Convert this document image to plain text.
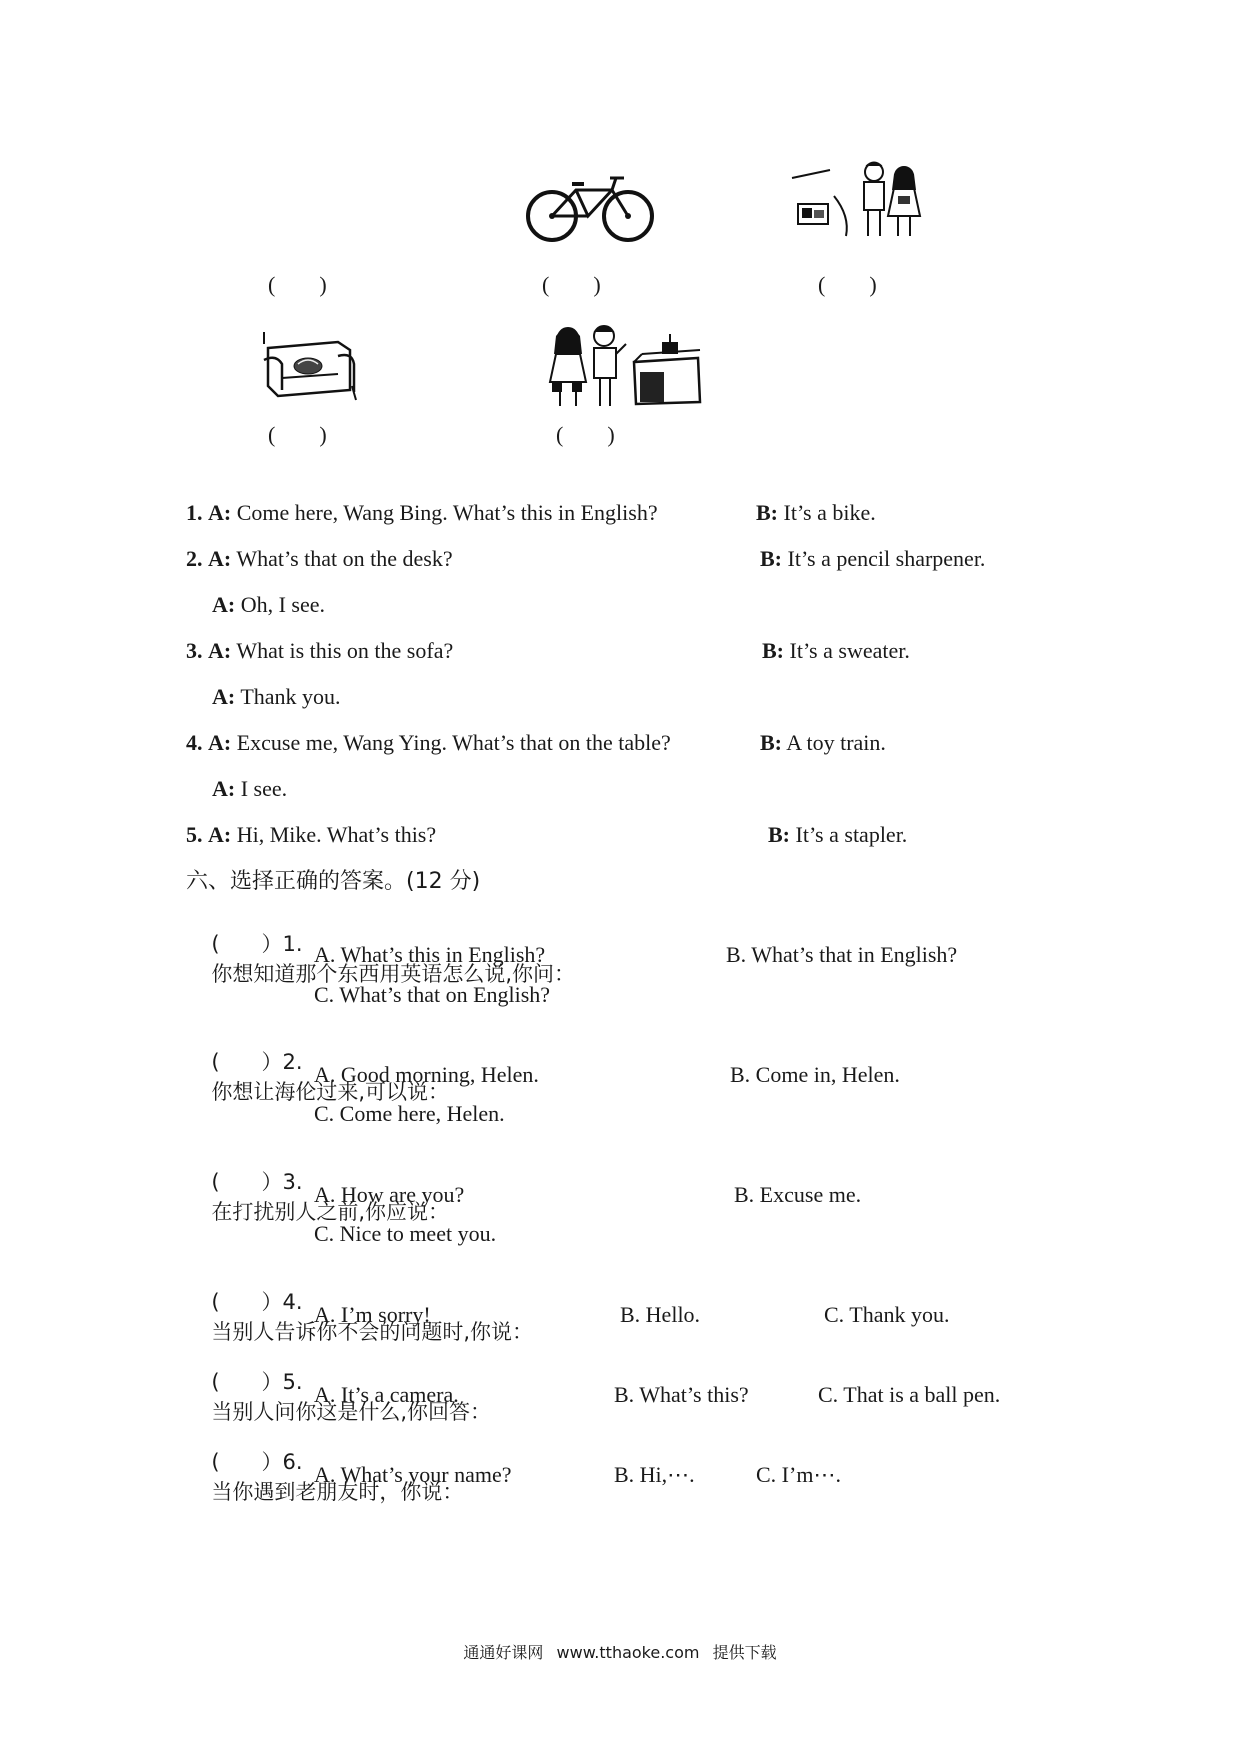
(　　)	(　　)	(　　)
(　　)	(　　)
1. A: Come here, Wang Bing. What’s this in English?	B: It’s a bike.
2. A: What’s that on the desk?	B: It’s a pencil sharpener.
A: Oh, I see.
3. A: What is this on the sofa?	B: It’s a sweater.
A: Thank you.
4. A: Excuse me, Wang Ying. What’s that on the table?	B: A toy train.
A: I see.
5. A: Hi, Mike. What’s this?	B: It’s a stapler.
六、选择正确的答案。(12 分)

(　　）1.
你想知道那个东西用英语怎么说,你问：

A. What’s this in English?	B. What’s that in English?
C. What’s that on English?

(　　）2.
你想让海伦过来,可以说：

A. Good morning, Helen.	B. Come in, Helen.
C. Come here, Helen.

(　　）3.
在打扰别人之前,你应说：

A. How are you?	B. Excuse me.
C. Nice to meet you.

(　　）4.
当别人告诉你不会的问题时,你说：

A. I’m sorry!	B. Hello.	C. Thank you.

(　　）5.
当别人问你这是什么,你回答：

A. It’s a camera.	B. What’s this?	C. That is a ball pen.

(　　）6.
当你遇到老朋友时，你说：

A. What’s your name?	B. Hi,⋯.	C. I’m⋯.
通通好课网 www.tthaoke.com 提供下载
